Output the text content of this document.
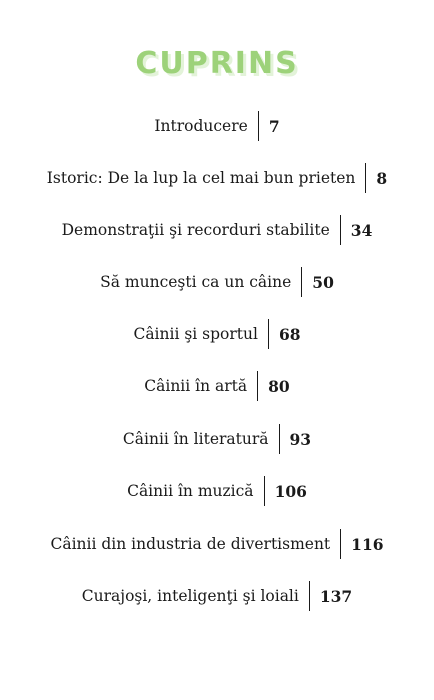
CUPRINS
Introducere 7
Istoric: De la lup la cel mai bun prieten 8
Demonstraţii şi recorduri stabilite 34
Să munceşti ca un câine 50
Câinii şi sportul 68
Câinii în artă 80
Câinii în literatură 93
Câinii în muzică 106
Câinii din industria de divertisment 116
Curajoşi, inteligenţi şi loiali 137
